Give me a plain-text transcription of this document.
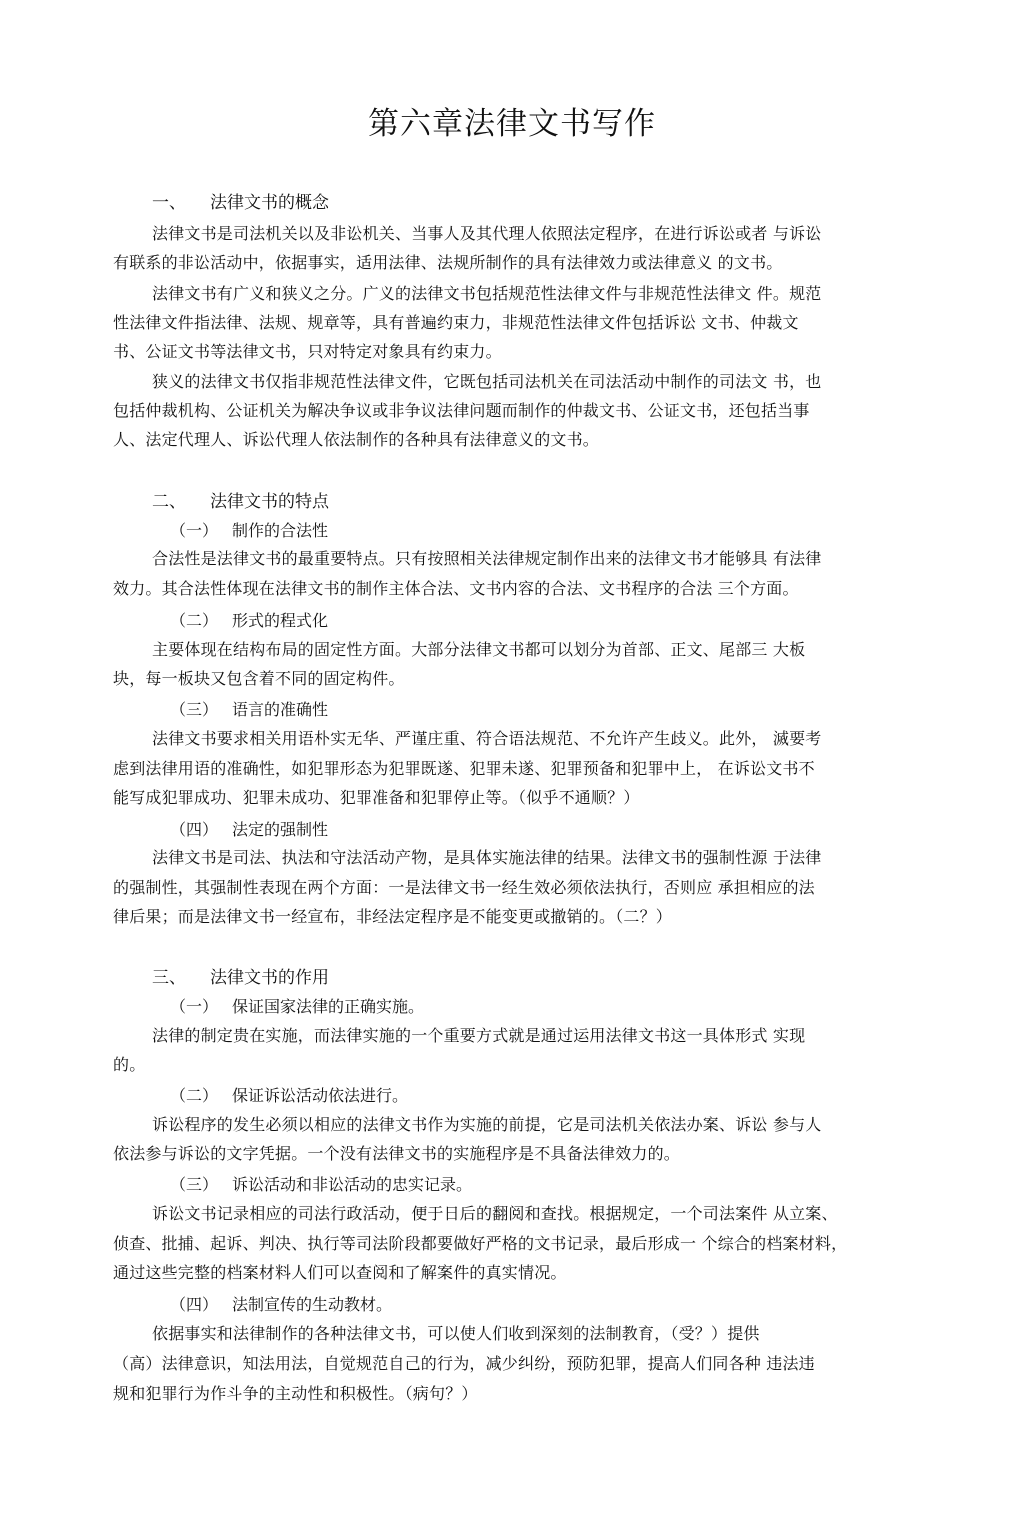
第六章法律文书写作
一、 法律文书的概念
法律文书是司法机关以及非讼机关、当事人及其代理人依照法定程序，在进行诉讼或者 与诉讼
有联系的非讼活动中，依据事实，适用法律、法规所制作的具有法律效力或法律意义 的文书。
法律文书有广义和狭义之分。广义的法律文书包括规范性法律文件与非规范性法律文 件。规范
性法律文件指法律、法规、规章等，具有普遍约束力，非规范性法律文件包括诉讼 文书、仲裁文
书、公证文书等法律文书，只对特定对象具有约束力。
狭义的法律文书仅指非规范性法律文件，它既包括司法机关在司法活动中制作的司法文 书，也
包括仲裁机构、公证机关为解决争议或非争议法律问题而制作的仲裁文书、公证文书，还包括当事
人、法定代理人、诉讼代理人依法制作的各种具有法律意义的文书。
二、 法律文书的特点
（一） 制作的合法性
合法性是法律文书的最重要特点。只有按照相关法律规定制作出来的法律文书才能够具 有法律
效力。其合法性体现在法律文书的制作主体合法、文书内容的合法、文书程序的合法 三个方面。
（二） 形式的程式化
主要体现在结构布局的固定性方面。大部分法律文书都可以划分为首部、正文、尾部三 大板
块，每一板块又包含着不同的固定构件。
（三） 语言的准确性
法律文书要求相关用语朴实无华、严谨庄重、符合语法规范、不允许产生歧义。此外， 滅要考
虑到法律用语的准确性，如犯罪形态为犯罪既遂、犯罪未遂、犯罪预备和犯罪中上， 在诉讼文书不
能写成犯罪成功、犯罪未成功、犯罪准备和犯罪停止等。（似乎不通顺？）
（四） 法定的强制性
法律文书是司法、执法和守法活动产物，是具体实施法律的结果。法律文书的强制性源 于法律
的强制性，其强制性表现在两个方面：一是法律文书一经生效必须依法执行，否则应 承担相应的法
律后果；而是法律文书一经宣布，非经法定程序是不能变更或撤销的。（二？）
三、 法律文书的作用
（一） 保证国家法律的正确实施。
法律的制定贵在实施，而法律实施的一个重要方式就是通过运用法律文书这一具体形式 实现
的。
（二） 保证诉讼活动依法进行。
诉讼程序的发生必须以相应的法律文书作为实施的前提，它是司法机关依法办案、诉讼 参与人
依法参与诉讼的文字凭据。一个没有法律文书的实施程序是不具备法律效力的。
（三） 诉讼活动和非讼活动的忠实记录。
诉讼文书记录相应的司法行政活动，便于日后的翻阅和查找。根据规定，一个司法案件 从立案、
侦查、批捕、起诉、判决、执行等司法阶段都要做好严格的文书记录，最后形成一 个综合的档案材料，
通过这些完整的档案材料人们可以查阅和了解案件的真实情况。
（四） 法制宣传的生动教材。
依据事实和法律制作的各种法律文书，可以使人们收到深刻的法制教育，（受？）提供
（高）法律意识，知法用法，自觉规范自己的行为，减少纠纷，预防犯罪，提高人们同各种 违法违
规和犯罪行为作斗争的主动性和积极性。（病句？）
